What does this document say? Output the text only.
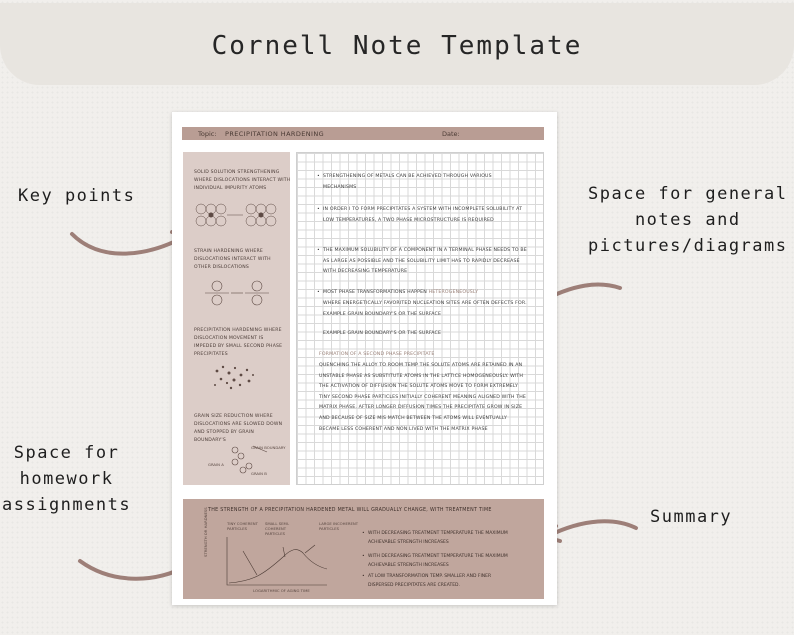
Cornell Note Template
Key points	Space for general
notes and
pictures/diagrams
Space for
homework
assignments
Summary
Topic: PRECIPITATION HARDENING	Date:

SOLID SOLUTION STRENGTHENING WHERE DISLOCATIONS INTERACT WITH INDIVIDUAL IMPURITY ATOMS

STRAIN HARDENING WHERE DISLOCATIONS INTERACT WITH OTHER DISLOCATIONS

PRECIPITATION HARDENING WHERE DISLOCATION MOVEMENT IS IMPEDED BY SMALL SECOND PHASE PRECIPITATES

GRAIN SIZE REDUCTION WHERE DISLOCATIONS ARE SLOWED DOWN AND STOPPED BY GRAIN BOUNDARY'S

GRAIN A
GRAIN B
GRAIN BOUNDARY

• STRENGTHENING OF METALS CAN BE ACHIEVED THROUGH VARIOUS MECHANISMS

• IN ORDER I TO FORM PRECIPITATES A SYSTEM WITH INCOMPLETE SOLUBILITY AT LOW TEMPERATURES, A TWO PHASE MICROSTRUCTURE IS REQUIRED

• THE MAXIMUM SOLUBILITY OF A COMPONENT IN A TERMINAL PHASE NEEDS TO BE AS LARGE AS POSSIBLE AND THE SOLUBILITY LIMIT HAS TO RAPIDLY DECREASE WITH DECREASING TEMPERATURE

• MOST PHASE TRANSFORMATIONS HAPPEN HETEROGENEOUSLY

WHERE ENERGETICALLY FAVORITED NUCLEATION SITES ARE OFTEN DEFECTS FOR. EXAMPLE GRAIN BOUNDARY'S OR THE SURFACE

EXAMPLE GRAIN BOUNDARY'S OR THE SURFACE

FORMATION OF A SECOND PHASE PRECIPITATE

QUENCHING THE ALLOY TO ROOM TEMP THE SOLUTE ATOMS ARE RETAINED IN AN UNSTABLE PHASE AS SUBSTITUTE ATOMS IN THE LATTICE HOMOGENEOUSLY. WITH THE ACTIVATION OF DIFFUSION THE SOLUTE ATOMS MOVE TO FORM EXTREMELY TINY SECOND PHASE PARTICLES INITIALLY COHERENT MEANING ALIGNED WITH THE MATRIX PHASE. AFTER LONGER DIFFUSION TIMES THE PRECIPITATE GROW IN SIZE AND BECAUSE OF SIZE MIS MATCH BETWEEN THE ATOMS WILL EVENTUALLY BECAME LESS COHERENT AND NON LIVED WITH THE MATRIX PHASE

THE STRENGTH OF A PRECIPITATION HARDENED METAL WILL GRADUALLY CHANGE, WITH TREATMENT TIME
TINY COHERENT PARTICLES
SMALL SEMI-COHERENT PARTICLES
LARGE INCOHERENT PARTICLES
STRENGTH OR HARDNESS
LOGARITHMIC OF AGING TIME

• WITH DECREASING TREATMENT TEMPERATURE THE MAXIMUM ACHIEVABLE STRENGTH INCREASES

• WITH DECREASING TREATMENT TEMPERATURE THE MAXIMUM ACHIEVABLE STRENGTH INCREASES

• AT LOW TRANSFORMATION TEMP. SMALLER AND FINER DISPERSED PRECIPITATES ARE CREATED.
